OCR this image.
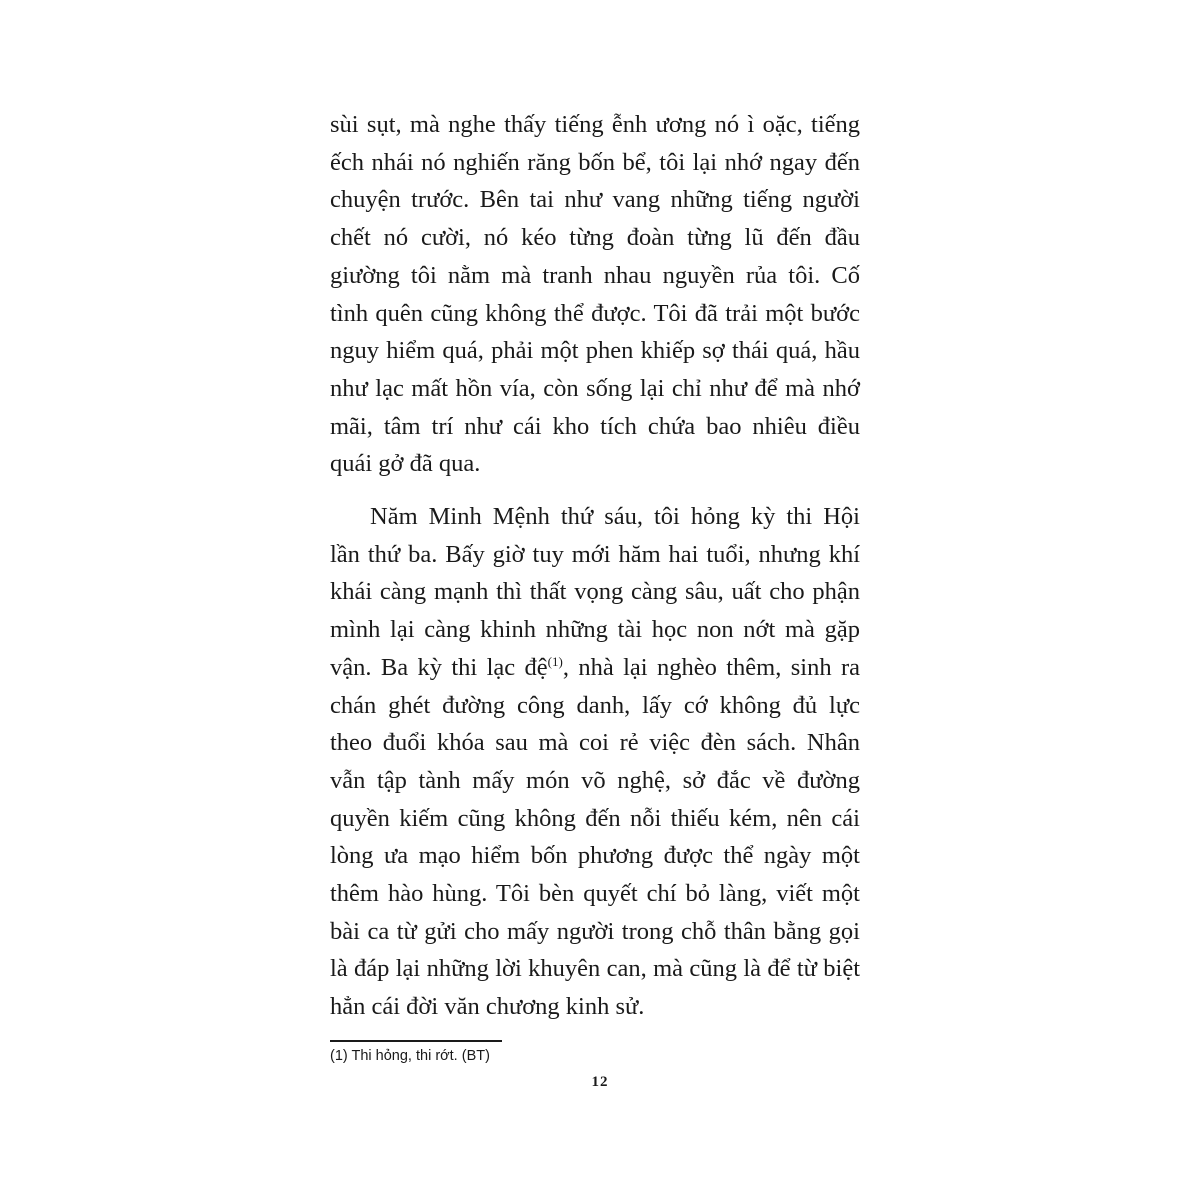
sùi sụt, mà nghe thấy tiếng ễnh ương nó ì oặc, tiếng
ếch nhái nó nghiến răng bốn bể, tôi lại nhớ ngay đến
chuyện trước. Bên tai như vang những tiếng người
chết nó cười, nó kéo từng đoàn từng lũ đến đầu
giường tôi nằm mà tranh nhau nguyền rủa tôi. Cố
tình quên cũng không thể được. Tôi đã trải một bước
nguy hiểm quá, phải một phen khiếp sợ thái quá, hầu
như lạc mất hồn vía, còn sống lại chỉ như để mà nhớ
mãi, tâm trí như cái kho tích chứa bao nhiêu điều
quái gở đã qua.
Năm Minh Mệnh thứ sáu, tôi hỏng kỳ thi Hội
lần thứ ba. Bấy giờ tuy mới hăm hai tuổi, nhưng khí
khái càng mạnh thì thất vọng càng sâu, uất cho phận
mình lại càng khinh những tài học non nớt mà gặp
vận. Ba kỳ thi lạc đệ$^{(1)}$, nhà lại nghèo thêm, sinh ra
chán ghét đường công danh, lấy cớ không đủ lực
theo đuổi khóa sau mà coi rẻ việc đèn sách. Nhân
vẫn tập tành mấy món võ nghệ, sở đắc về đường
quyền kiếm cũng không đến nỗi thiếu kém, nên cái
lòng ưa mạo hiểm bốn phương được thể ngày một
thêm hào hùng. Tôi bèn quyết chí bỏ làng, viết một
bài ca từ gửi cho mấy người trong chỗ thân bằng gọi
là đáp lại những lời khuyên can, mà cũng là để từ biệt
hẳn cái đời văn chương kinh sử.
(1) Thi hỏng, thi rớt. (BT)
12
